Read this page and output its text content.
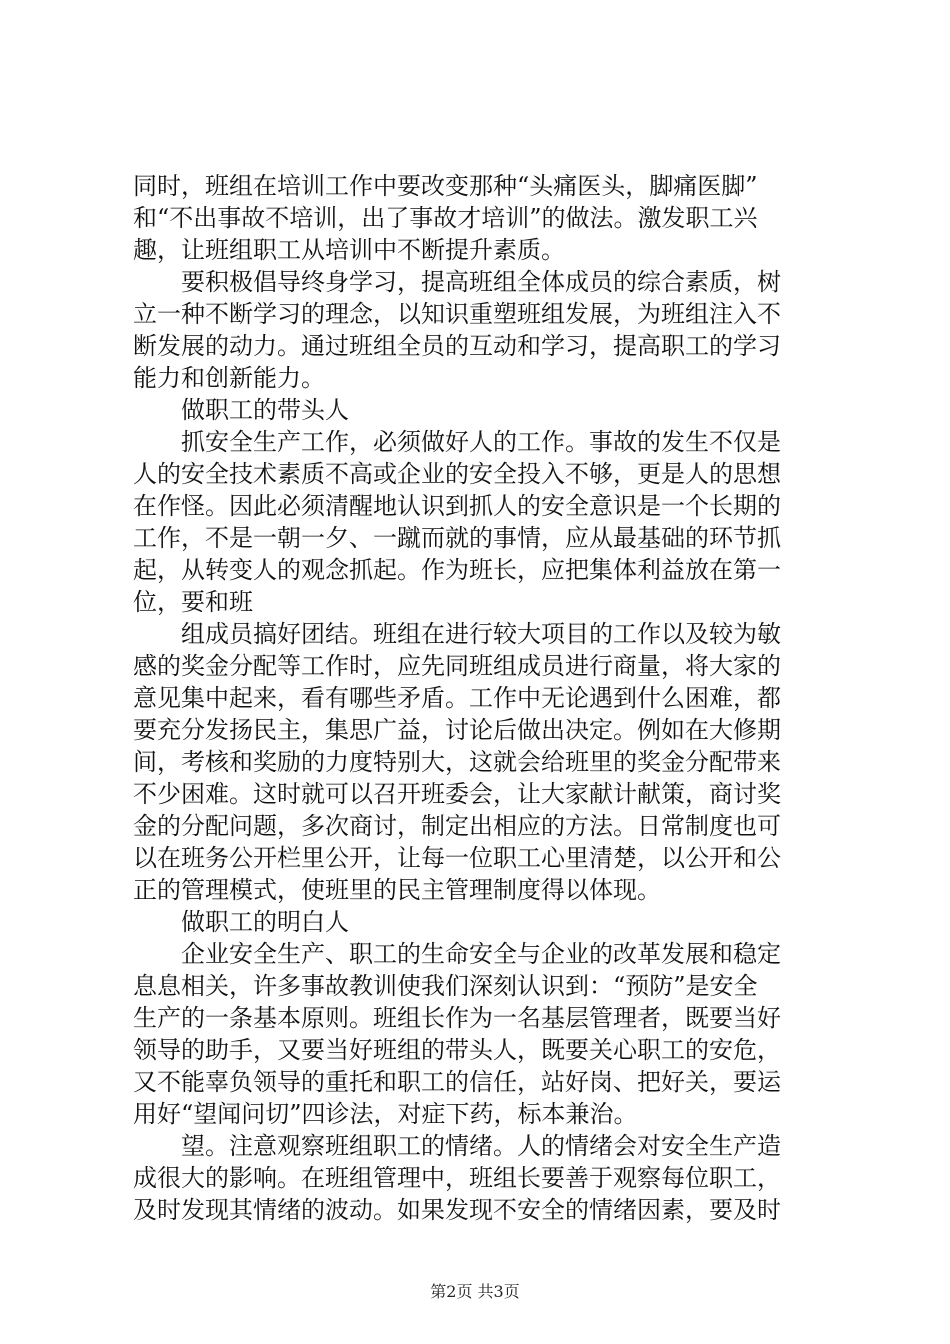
同时，班组在培训工作中要改变那种“头痛医头，脚痛医脚”
和“不出事故不培训，出了事故才培训”的做法。激发职工兴
趣，让班组职工从培训中不断提升素质。
要积极倡导终身学习，提高班组全体成员的综合素质，树
立一种不断学习的理念，以知识重塑班组发展，为班组注入不
断发展的动力。通过班组全员的互动和学习，提高职工的学习
能力和创新能力。
做职工的带头人
抓安全生产工作，必须做好人的工作。事故的发生不仅是
人的安全技术素质不高或企业的安全投入不够，更是人的思想
在作怪。因此必须清醒地认识到抓人的安全意识是一个长期的
工作，不是一朝一夕、一蹴而就的事情，应从最基础的环节抓
起，从转变人的观念抓起。作为班长，应把集体利益放在第一
位，要和班
组成员搞好团结。班组在进行较大项目的工作以及较为敏
感的奖金分配等工作时，应先同班组成员进行商量，将大家的
意见集中起来，看有哪些矛盾。工作中无论遇到什么困难，都
要充分发扬民主，集思广益，讨论后做出决定。例如在大修期
间，考核和奖励的力度特别大，这就会给班里的奖金分配带来
不少困难。这时就可以召开班委会，让大家献计献策，商讨奖
金的分配问题，多次商讨，制定出相应的方法。日常制度也可
以在班务公开栏里公开，让每一位职工心里清楚，以公开和公
正的管理模式，使班里的民主管理制度得以体现。
做职工的明白人
企业安全生产、职工的生命安全与企业的改革发展和稳定
息息相关，许多事故教训使我们深刻认识到：“预防”是安全
生产的一条基本原则。班组长作为一名基层管理者，既要当好
领导的助手，又要当好班组的带头人，既要关心职工的安危，
又不能辜负领导的重托和职工的信任，站好岗、把好关，要运
用好“望闻问切”四诊法，对症下药，标本兼治。
望。注意观察班组职工的情绪。人的情绪会对安全生产造
成很大的影响。在班组管理中，班组长要善于观察每位职工，
及时发现其情绪的波动。如果发现不安全的情绪因素，要及时
第2页 共3页
